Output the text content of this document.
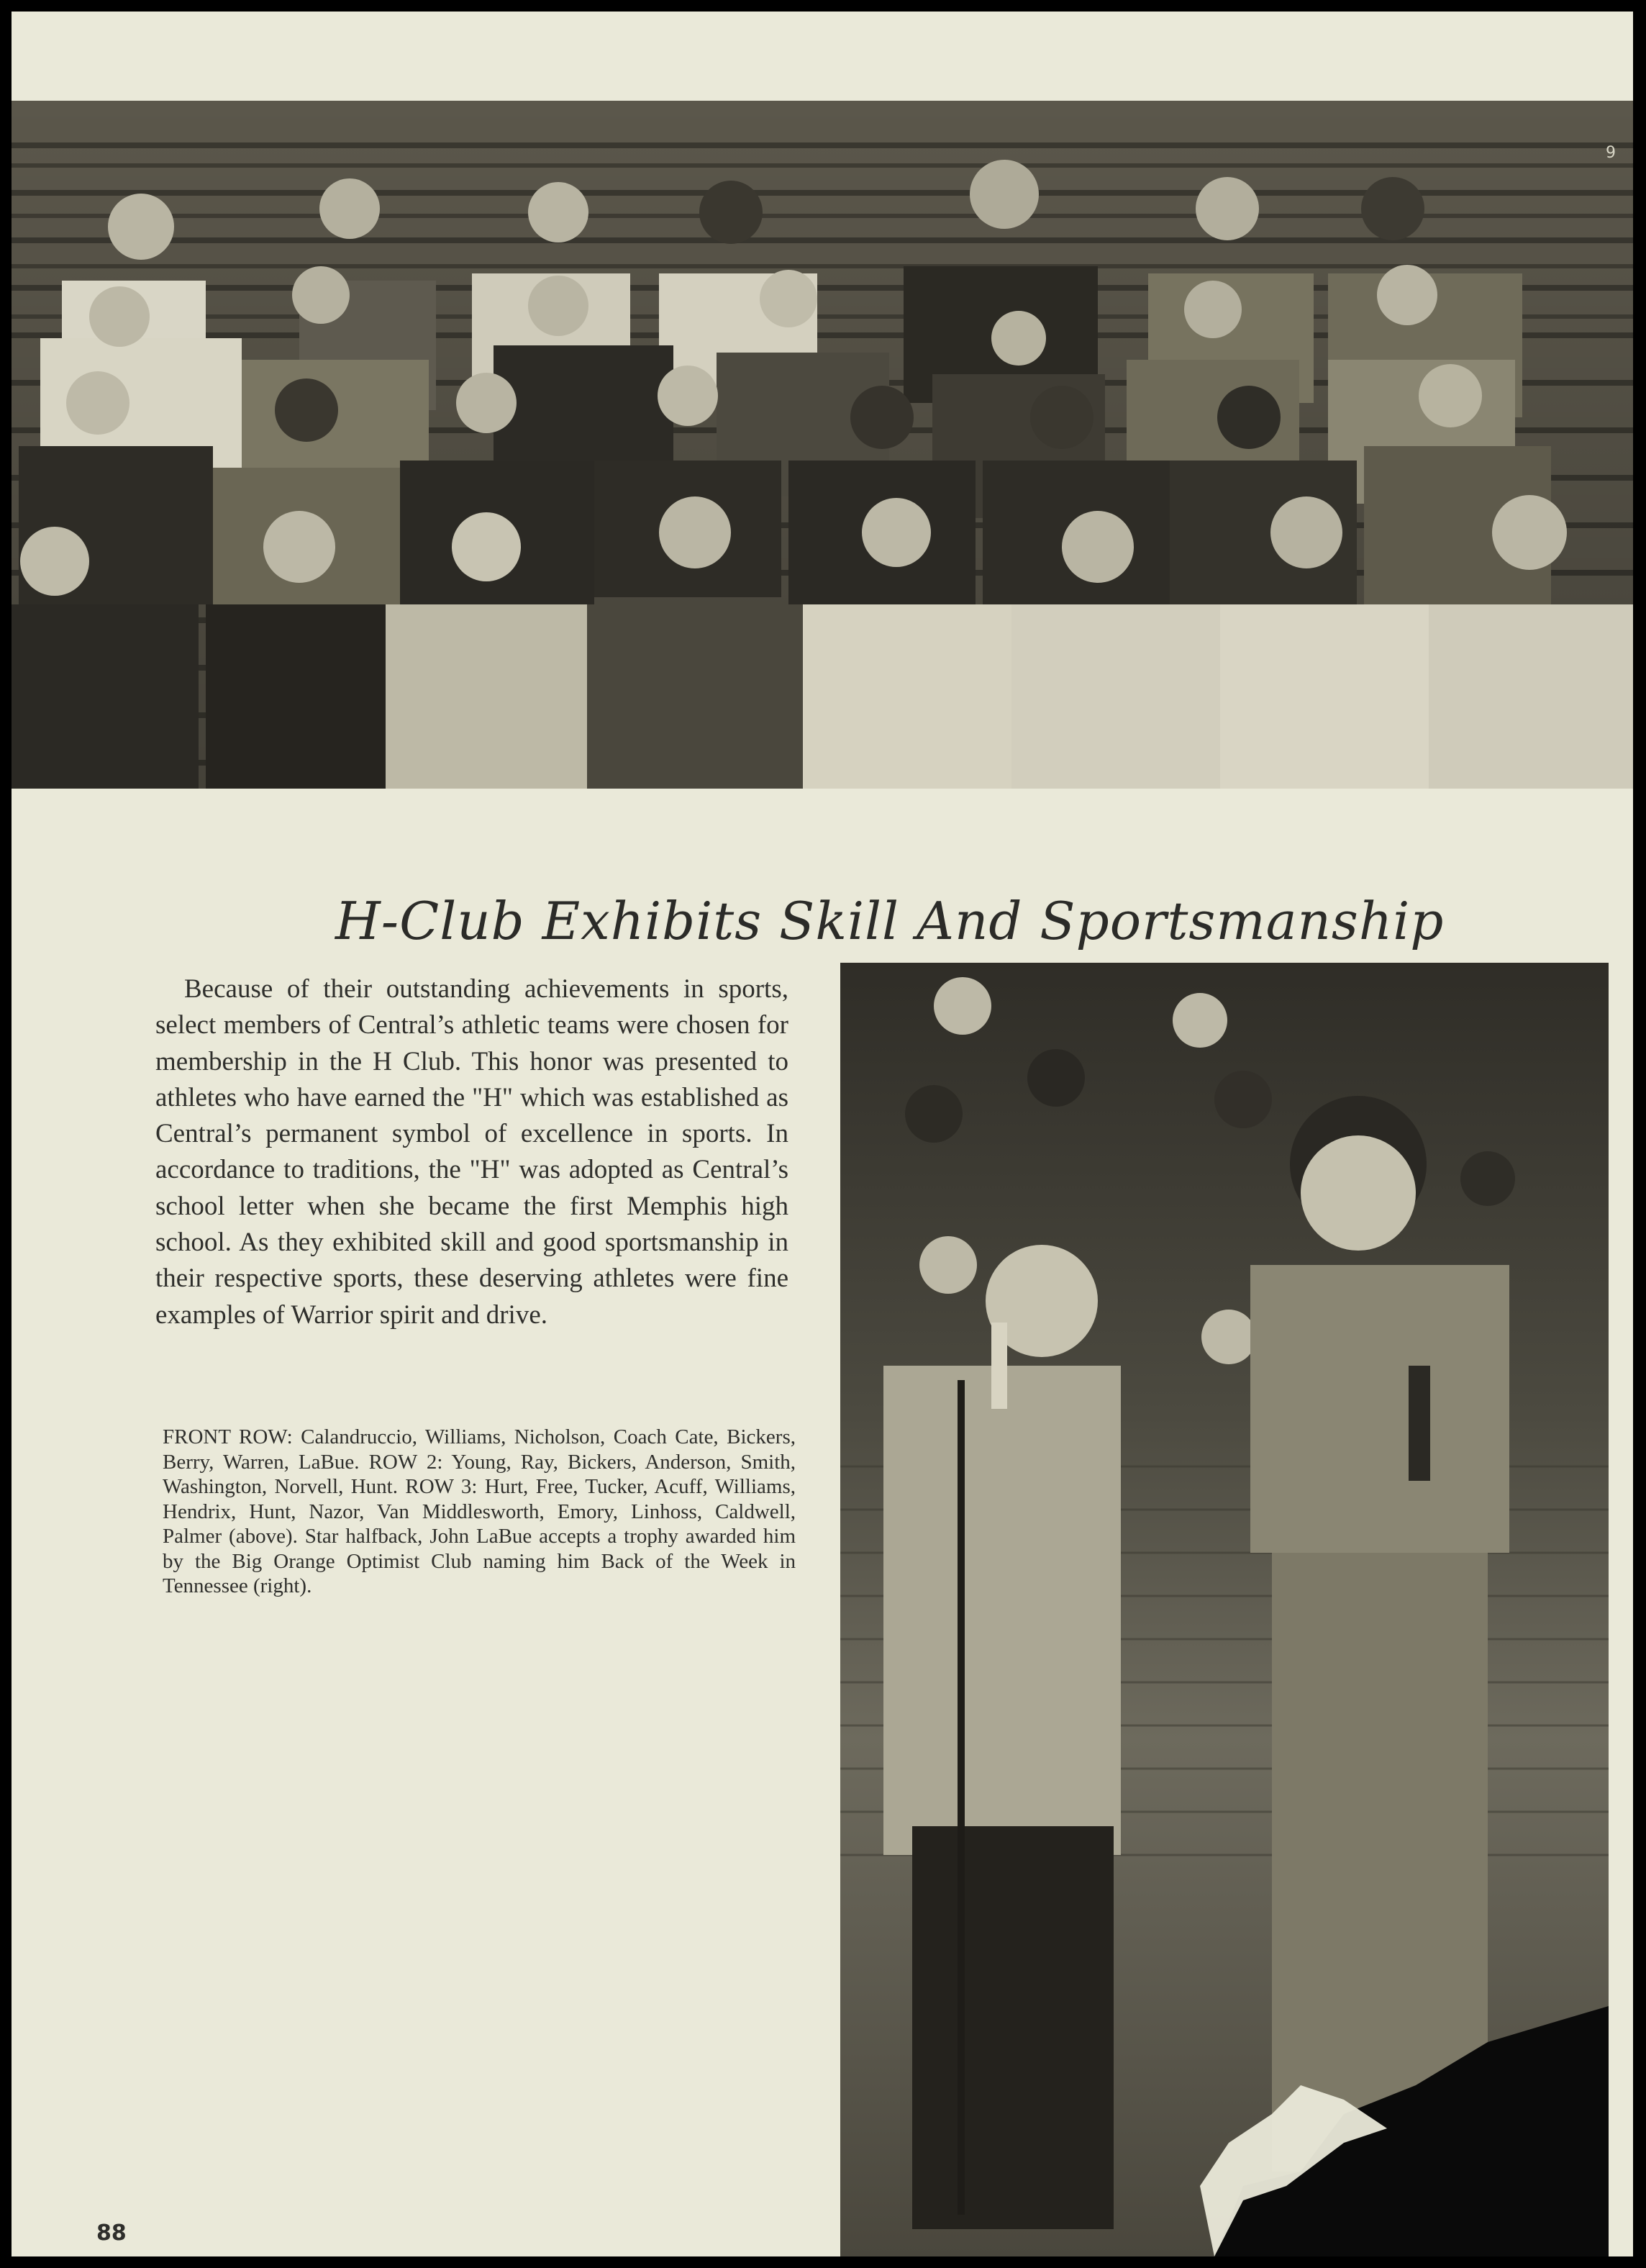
9
H-Club Exhibits Skill And Sportsmanship
Because of their outstanding achievements in sports, select members of Central’s athletic teams were chosen for membership in the H Club. This honor was presented to athletes who have earned the "H" which was established as Central’s permanent symbol of excellence in sports. In accordance to traditions, the "H" was adopted as Central’s school letter when she became the first Memphis high school. As they exhibited skill and good sportsmanship in their respective sports, these deserving athletes were fine examples of Warrior spirit and drive.
FRONT ROW: Calandruccio, Williams, Nicholson, Coach Cate, Bickers, Berry, Warren, LaBue. ROW 2: Young, Ray, Bickers, Anderson, Smith, Washington, Norvell, Hunt. ROW 3: Hurt, Free, Tucker, Acuff, Williams, Hendrix, Hunt, Nazor, Van Middlesworth, Emory, Linhoss, Caldwell, Palmer (above). Star halfback, John LaBue accepts a trophy awarded him by the Big Orange Optimist Club naming him Back of the Week in Tennessee (right).
88
